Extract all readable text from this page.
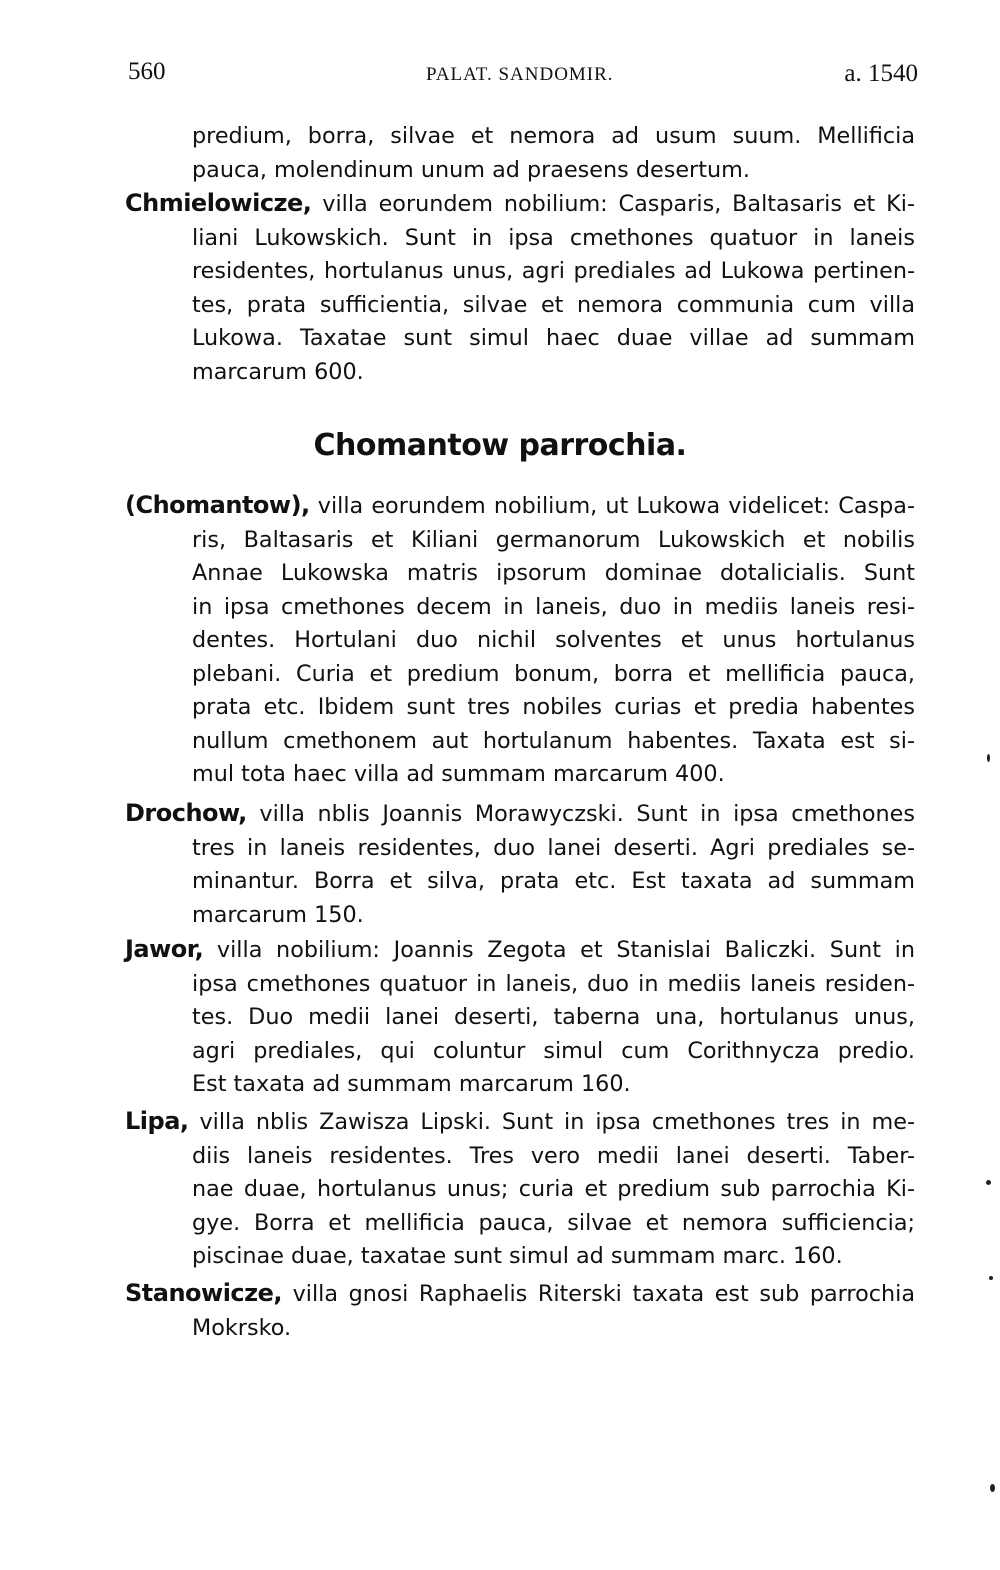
560	PALAT. SANDOMIR.	a. 1540
predium, borra, silvae et nemora ad usum suum. Mellificia
pauca, molendinum unum ad praesens desertum.
Chmielowicze, villa eorundem nobilium: Casparis, Baltasaris et Ki-
liani Lukowskich. Sunt in ipsa cmethones quatuor in laneis
residentes, hortulanus unus, agri prediales ad Lukowa pertinen-
tes, prata sufficientia, silvae et nemora communia cum villa
Lukowa. Taxatae sunt simul haec duae villae ad summam
marcarum 600.
Chomantow parrochia.
(Chomantow), villa eorundem nobilium, ut Lukowa videlicet: Caspa-
ris, Baltasaris et Kiliani germanorum Lukowskich et nobilis
Annae Lukowska matris ipsorum dominae dotalicialis. Sunt
in ipsa cmethones decem in laneis, duo in mediis laneis resi-
dentes. Hortulani duo nichil solventes et unus hortulanus
plebani. Curia et predium bonum, borra et mellificia pauca,
prata etc. Ibidem sunt tres nobiles curias et predia habentes
nullum cmethonem aut hortulanum habentes. Taxata est si-
mul tota haec villa ad summam marcarum 400.
Drochow, villa nblis Joannis Morawyczski. Sunt in ipsa cmethones
tres in laneis residentes, duo lanei deserti. Agri prediales se-
minantur. Borra et silva, prata etc. Est taxata ad summam
marcarum 150.
Jawor, villa nobilium: Joannis Zegota et Stanislai Baliczki. Sunt in
ipsa cmethones quatuor in laneis, duo in mediis laneis residen-
tes. Duo medii lanei deserti, taberna una, hortulanus unus,
agri prediales, qui coluntur simul cum Corithnycza predio.
Est taxata ad summam marcarum 160.
Lipa, villa nblis Zawisza Lipski. Sunt in ipsa cmethones tres in me-
diis laneis residentes. Tres vero medii lanei deserti. Taber-
nae duae, hortulanus unus; curia et predium sub parrochia Ki-
gye. Borra et mellificia pauca, silvae et nemora sufficiencia;
piscinae duae, taxatae sunt simul ad summam marc. 160.
Stanowicze, villa gnosi Raphaelis Riterski taxata est sub parrochia
Mokrsko.
